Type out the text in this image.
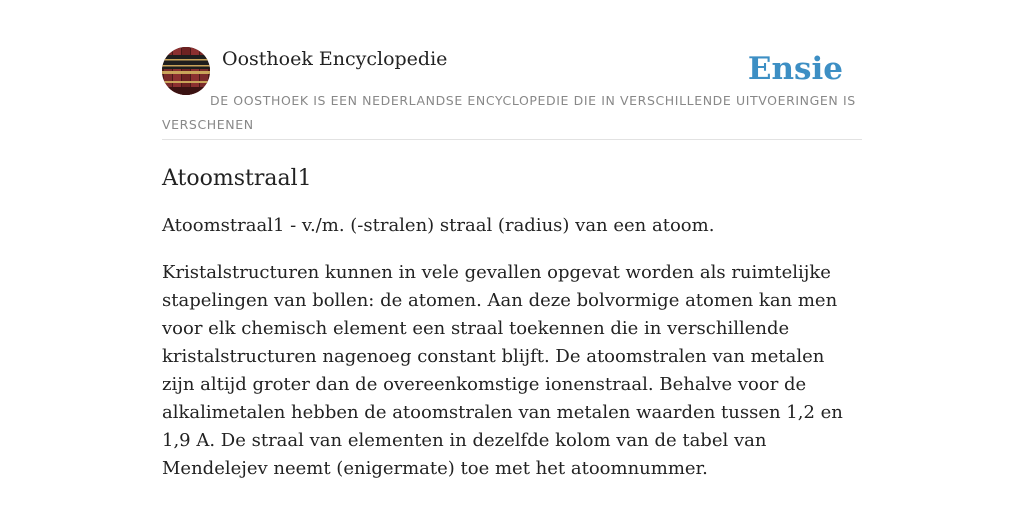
Oosthoek Encyclopedie	Ensie
DE OOSTHOEK IS EEN NEDERLANDSE ENCYCLOPEDIE DIE IN VERSCHILLENDE UITVOERINGEN IS VERSCHENEN
Atoomstraal1

Atoomstraal1 - v./m. (-stralen) straal (radius) van een atoom.

Kristalstructuren kunnen in vele gevallen opgevat worden als ruimtelijke stapelingen van bollen: de atomen. Aan deze bolvormige atomen kan men voor elk chemisch element een straal toekennen die in verschillende kristalstructuren nagenoeg constant blijft. De atoomstralen van metalen zijn altijd groter dan de overeenkomstige ionenstraal. Behalve voor de alkalimetalen hebben de atoomstralen van metalen waarden tussen 1,2 en 1,9 A. De straal van elementen in dezelfde kolom van de tabel van Mendelejev neemt (enigermate) toe met het atoomnummer.
